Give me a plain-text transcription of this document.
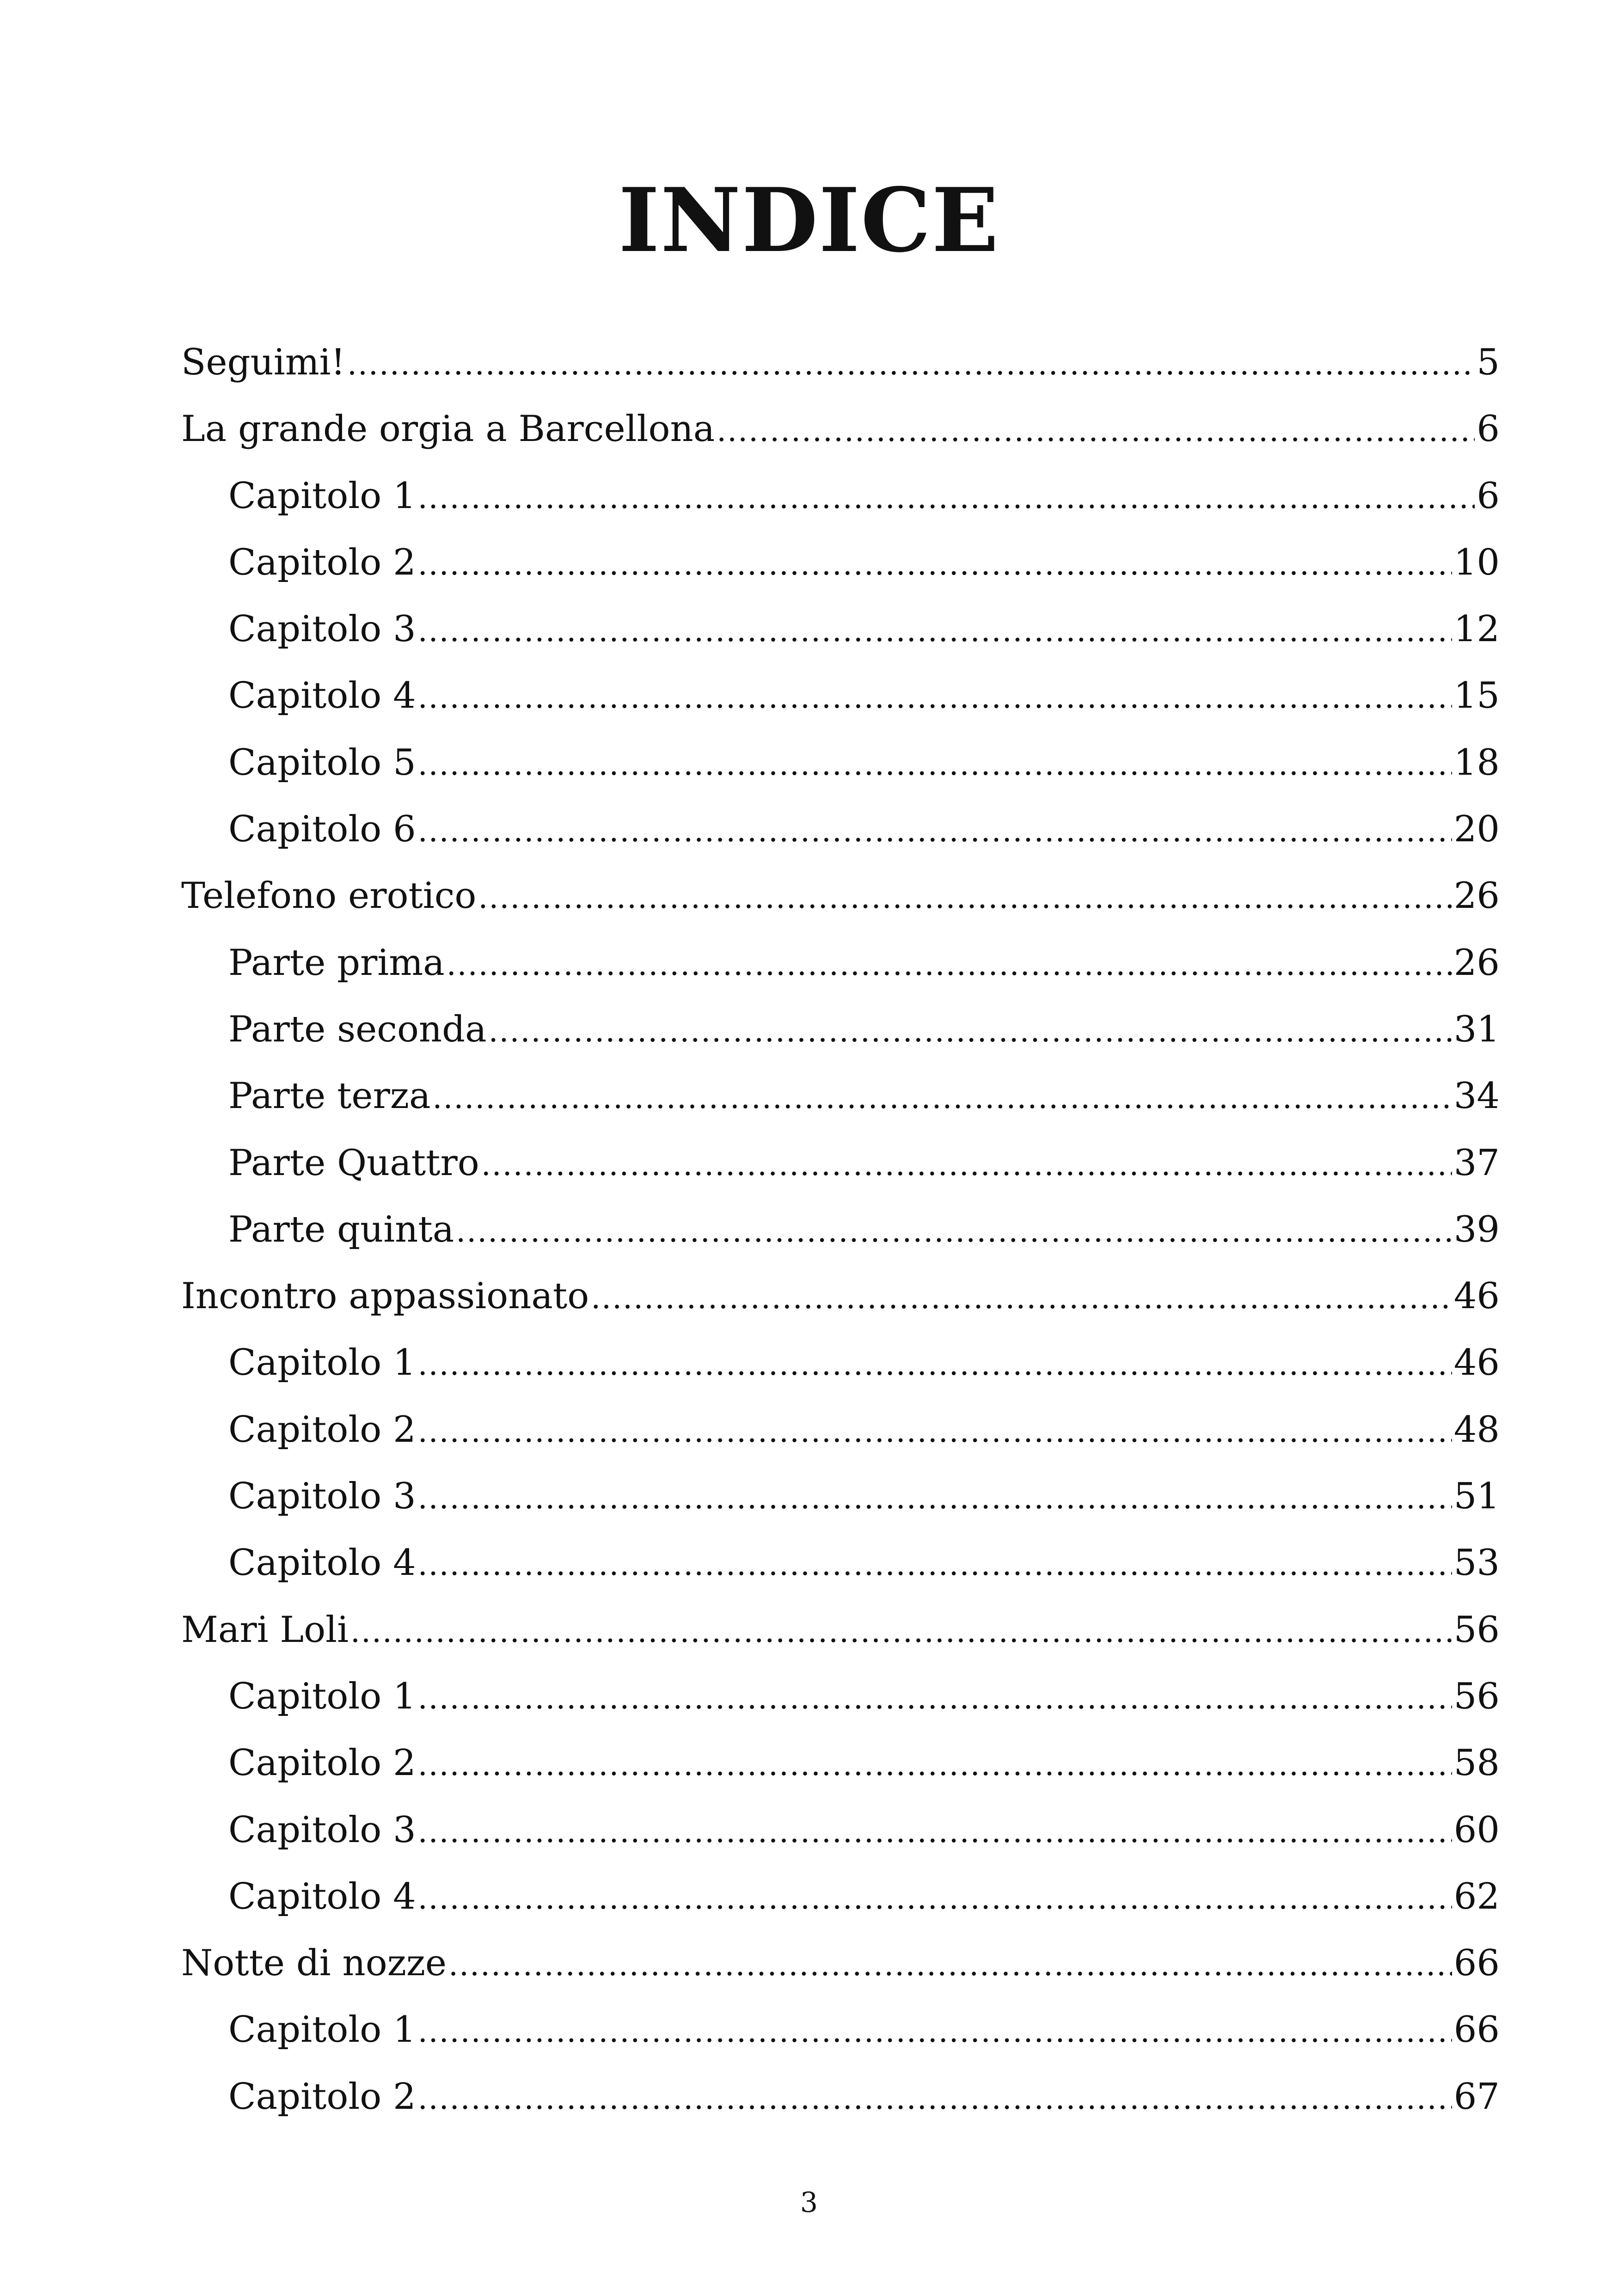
INDICE
Seguimi! .....	5
La grande orgia a Barcellona .....	6
Capitolo 1 .....	6
Capitolo 2 .....	10
Capitolo 3 .....	12
Capitolo 4 .....	15
Capitolo 5 .....	18
Capitolo 6 .....	20
Telefono erotico .....	26
Parte prima .....	26
Parte seconda .....	31
Parte terza .....	34
Parte Quattro .....	37
Parte quinta .....	39
Incontro appassionato .....	46
Capitolo 1 .....	46
Capitolo 2 .....	48
Capitolo 3 .....	51
Capitolo 4 .....	53
Mari Loli .....	56
Capitolo 1 .....	56
Capitolo 2 .....	58
Capitolo 3 .....	60
Capitolo 4 .....	62
Notte di nozze .....	66
Capitolo 1 .....	66
Capitolo 2 .....	67
3
